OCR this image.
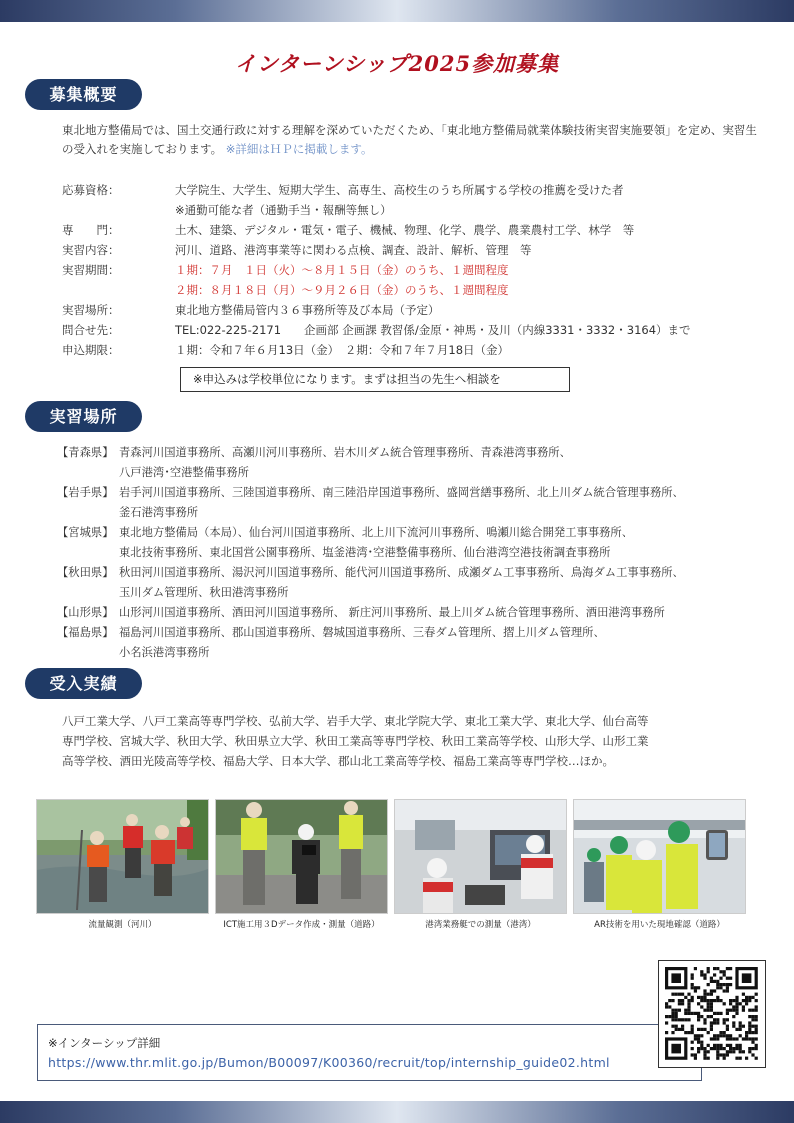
インターンシップ2025参加募集
募集概要

東北地方整備局では、国土交通行政に対する理解を深めていただくため、「東北地方整備局就業体験技術実習実施要領」を定め、実習生の受入れを実施しております。 ※詳細はＨＰに掲載します。

応募資格：	大学院生、大学生、短期大学生、高専生、高校生のうち所属する学校の推薦を受けた者
※通勤可能な者（通勤手当・報酬等無し）
専　　門：	土木、建築、デジタル・電気・電子、機械、物理、化学、農学、農業農村工学、林学　等
実習内容：	河川、道路、港湾事業等に関わる点検、調査、設計、解析、管理　等
実習期間：	１期：７月　１日（火）～８月１５日（金）のうち、１週間程度
２期：８月１８日（月）～９月２６日（金）のうち、１週間程度
実習場所：	東北地方整備局管内３６事務所等及び本局（予定）
問合せ先：	TEL:022-225-2171　　企画部 企画課 教習係/金原・神馬・及川（内線3331・3332・3164）まで
申込期限：	１期：令和７年６月13日（金）　２期：令和７年７月18日（金）
※申込みは学校単位になります。まずは担当の先生へ相談を
実習場所
【青森県】 青森河川国道事務所、高瀬川河川事務所、岩木川ダム統合管理事務所、青森港湾事務所、
八戸港湾･空港整備事務所
【岩手県】 岩手河川国道事務所、三陸国道事務所、南三陸沿岸国道事務所、盛岡営繕事務所、北上川ダム統合管理事務所、
釜石港湾事務所
【宮城県】 東北地方整備局（本局）、仙台河川国道事務所、北上川下流河川事務所、鳴瀬川総合開発工事事務所、
東北技術事務所、東北国営公園事務所、塩釜港湾･空港整備事務所、仙台港湾空港技術調査事務所
【秋田県】 秋田河川国道事務所、湯沢河川国道事務所、能代河川国道事務所、成瀬ダム工事事務所、鳥海ダム工事事務所、
玉川ダム管理所、秋田港湾事務所
【山形県】 山形河川国道事務所、酒田河川国道事務所、 新庄河川事務所、最上川ダム統合管理事務所、酒田港湾事務所
【福島県】 福島河川国道事務所、郡山国道事務所、磐城国道事務所、三春ダム管理所、摺上川ダム管理所、
小名浜港湾事務所
受入実績
八戸工業大学、八戸工業高等専門学校、弘前大学、岩手大学、東北学院大学、東北工業大学、東北大学、仙台高等
専門学校、宮城大学、秋田大学、秋田県立大学、秋田工業高等専門学校、秋田工業高等学校、山形大学、山形工業
高等学校、酒田光陵高等学校、福島大学、日本大学、郡山北工業高等学校、福島工業高等専門学校…ほか。
流量観測（河川）	ICT施工用３Dデータ作成・測量（道路）	港湾業務艇での測量（港湾）	AR技術を用いた現地確認（道路）
※インターシップ詳細
https://www.thr.mlit.go.jp/Bumon/B00097/K00360/recruit/top/internship_guide02.html
